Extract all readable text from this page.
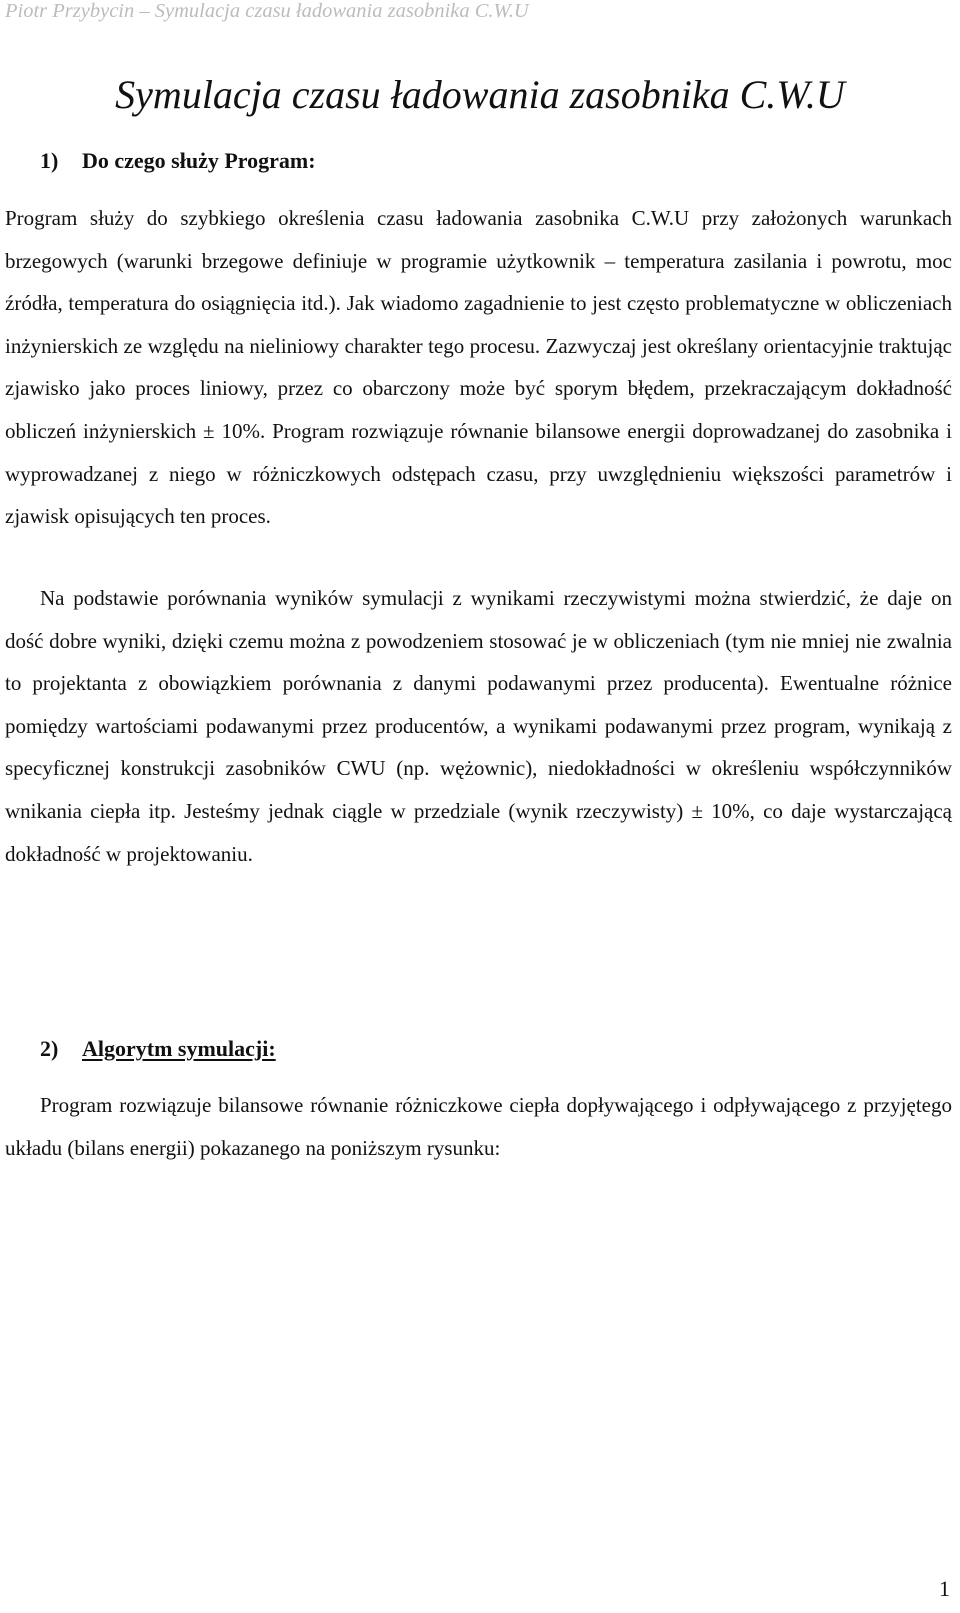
Piotr Przybycin – Symulacja czasu ładowania zasobnika C.W.U
Symulacja czasu ładowania zasobnika C.W.U
1) Do czego służy Program:

Program służy do szybkiego określenia czasu ładowania zasobnika C.W.U przy założonych warunkach brzegowych (warunki brzegowe definiuje w programie użytkownik – temperatura zasilania i powrotu, moc źródła, temperatura do osiągnięcia itd.). Jak wiadomo zagadnienie to jest często problematyczne w obliczeniach inżynierskich ze względu na nieliniowy charakter tego procesu. Zazwyczaj jest określany orientacyjnie traktując zjawisko jako proces liniowy, przez co obarczony może być sporym błędem, przekraczającym dokładność obliczeń inżynierskich ± 10%. Program rozwiązuje równanie bilansowe energii doprowadzanej do zasobnika i wyprowadzanej z niego w różniczkowych odstępach czasu, przy uwzględnieniu większości parametrów i zjawisk opisujących ten proces.

Na podstawie porównania wyników symulacji z wynikami rzeczywistymi można stwierdzić, że daje on dość dobre wyniki, dzięki czemu można z powodzeniem stosować je w obliczeniach (tym nie mniej nie zwalnia to projektanta z obowiązkiem porównania z danymi podawanymi przez producenta). Ewentualne różnice pomiędzy wartościami podawanymi przez producentów, a wynikami podawanymi przez program, wynikają z specyficznej konstrukcji zasobników CWU (np. wężownic), niedokładności w określeniu współczynników wnikania ciepła itp. Jesteśmy jednak ciągle w przedziale (wynik rzeczywisty) ± 10%, co daje wystarczającą dokładność w projektowaniu.

2) Algorytm symulacji:

Program rozwiązuje bilansowe równanie różniczkowe ciepła dopływającego i odpływającego z przyjętego układu (bilans energii) pokazanego na poniższym rysunku:

1
